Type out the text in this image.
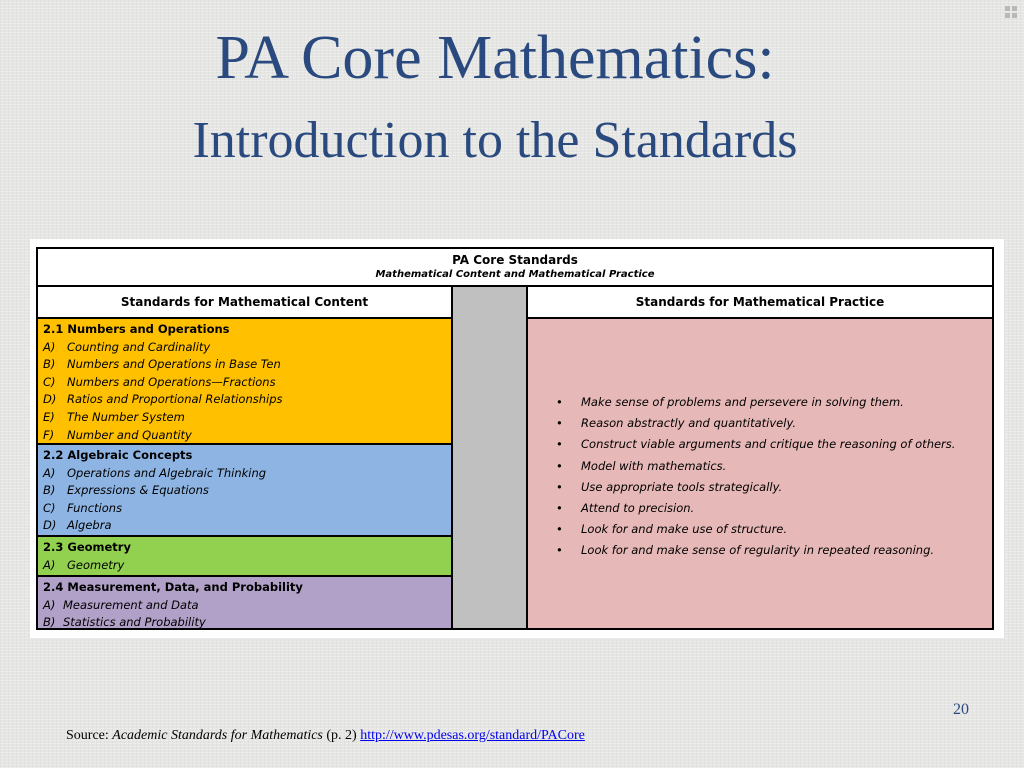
PA Core Mathematics:
Introduction to the Standards
PA Core Standards
Mathematical Content and Mathematical Practice
Standards for Mathematical Content	Standards for Mathematical Practice
2.1 Numbers and Operations
A) Counting and Cardinality
B) Numbers and Operations in Base Ten
C) Numbers and Operations—Fractions
D) Ratios and Proportional Relationships
E) The Number System
F) Number and Quantity
2.2 Algebraic Concepts
A) Operations and Algebraic Thinking
B) Expressions & Equations
C) Functions
D) Algebra
2.3 Geometry
A) Geometry
2.4 Measurement, Data, and Probability
A) Measurement and Data
B) Statistics and Probability
• Make sense of problems and persevere in solving them.
• Reason abstractly and quantitatively.
• Construct viable arguments and critique the reasoning of others.
• Model with mathematics.
• Use appropriate tools strategically.
• Attend to precision.
• Look for and make use of structure.
• Look for and make sense of regularity in repeated reasoning.
20
Source: Academic Standards for Mathematics (p. 2) http://www.pdesas.org/standard/PACore
